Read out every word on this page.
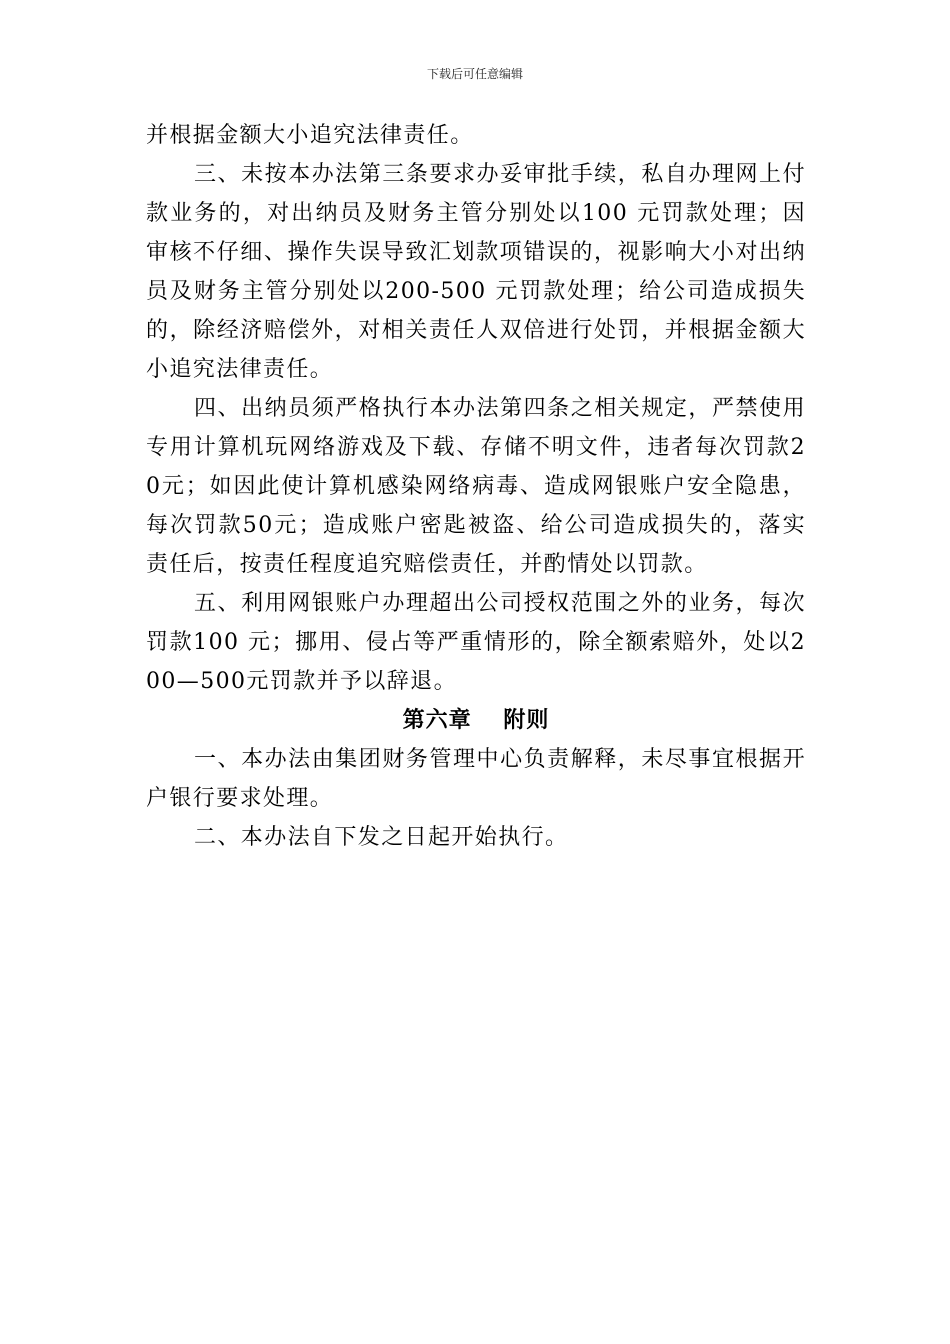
下载后可任意编辑

并根据金额大小追究法律责任。

三、未按本办法第三条要求办妥审批手续，私自办理网上付款业务的，对出纳员及财务主管分别处以100 元罚款处理；因审核不仔细、操作失误导致汇划款项错误的，视影响大小对出纳员及财务主管分别处以200-500 元罚款处理；给公司造成损失的，除经济赔偿外，对相关责任人双倍进行处罚，并根据金额大小追究法律责任。

四、出纳员须严格执行本办法第四条之相关规定，严禁使用专用计算机玩网络游戏及下载、存储不明文件，违者每次罚款20元；如因此使计算机感染网络病毒、造成网银账户安全隐患，每次罚款50元；造成账户密匙被盗、给公司造成损失的，落实责任后，按责任程度追究赔偿责任，并酌情处以罚款。

五、利用网银账户办理超出公司授权范围之外的业务，每次罚款100 元；挪用、侵占等严重情形的，除全额索赔外，处以200—500元罚款并予以辞退。

第六章　 附则

一、本办法由集团财务管理中心负责解释，未尽事宜根据开户银行要求处理。

二、本办法自下发之日起开始执行。
